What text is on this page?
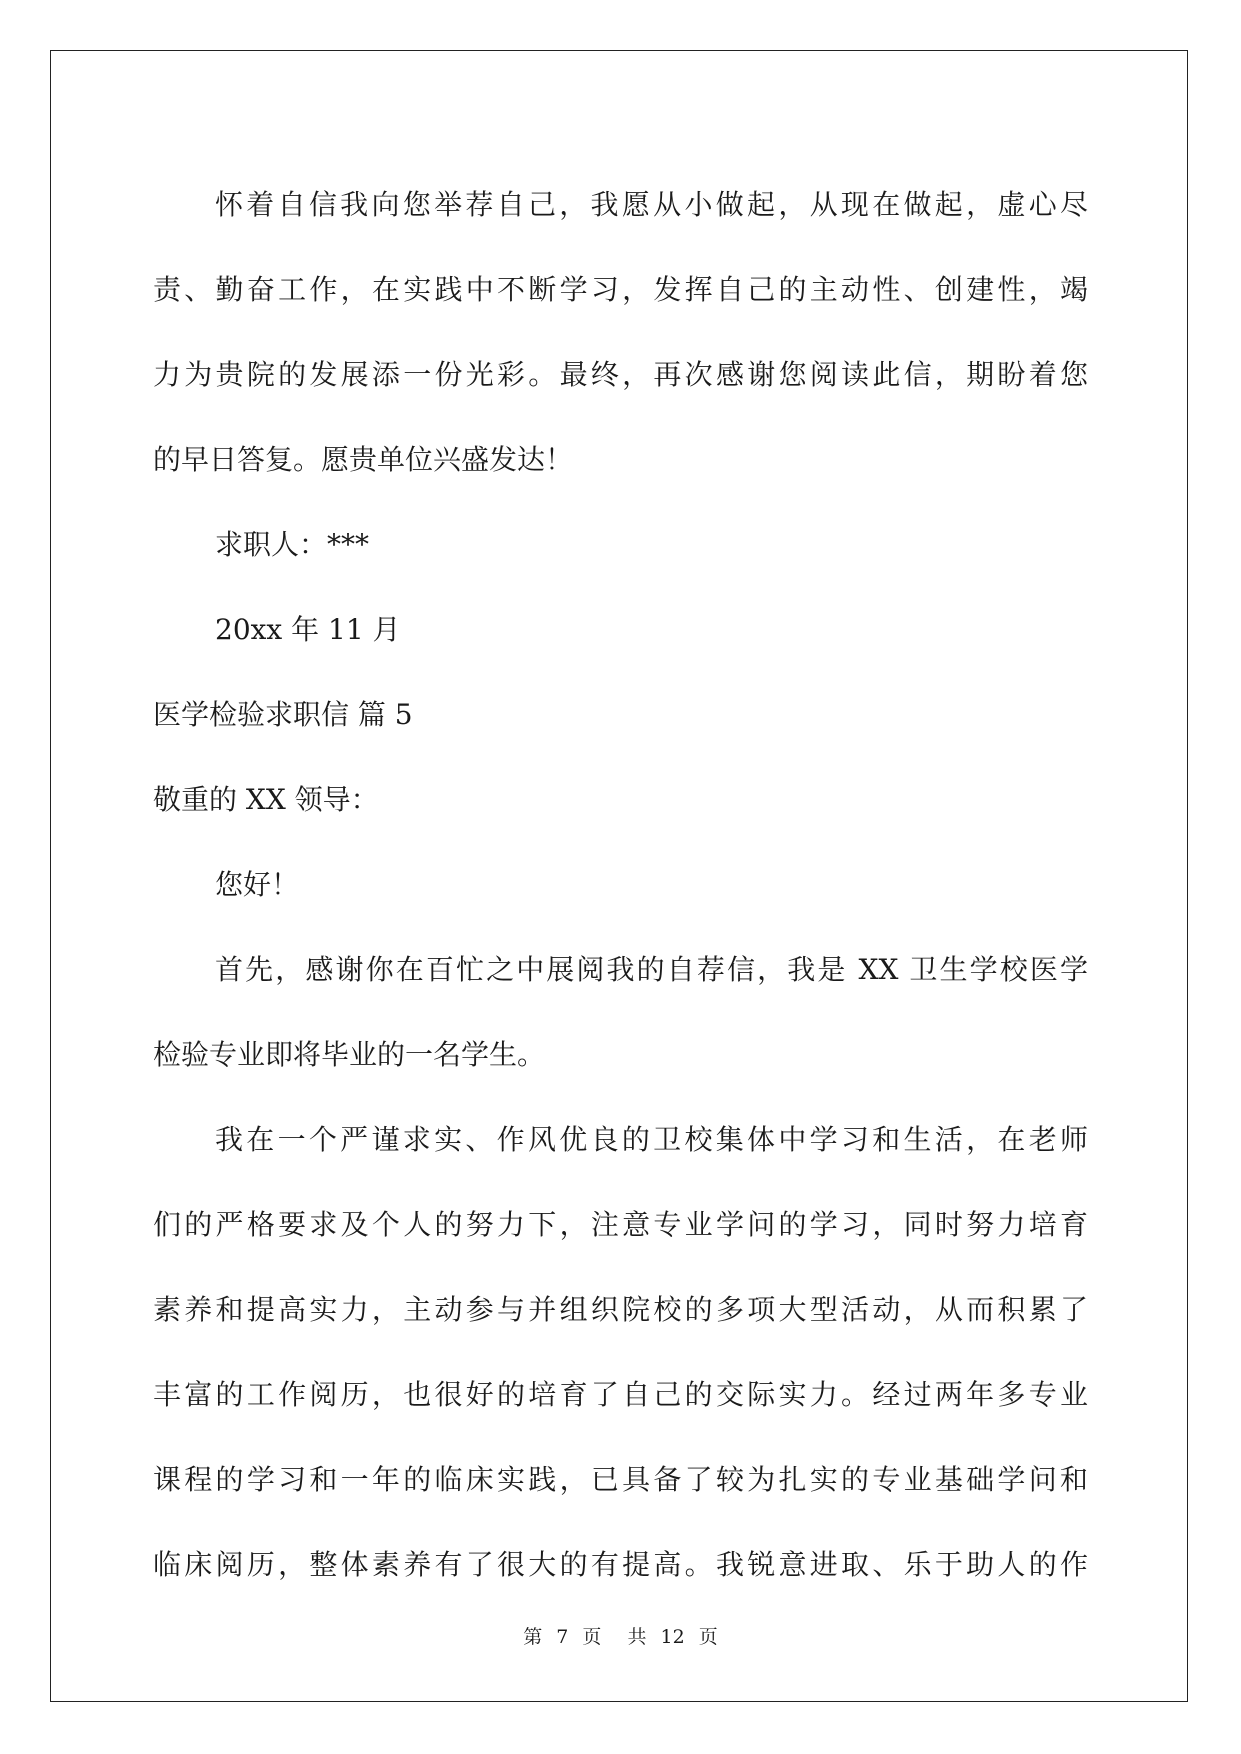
怀着自信我向您举荐自己，我愿从小做起，从现在做起，虚心尽
责、勤奋工作，在实践中不断学习，发挥自己的主动性、创建性，竭
力为贵院的发展添一份光彩。最终，再次感谢您阅读此信，期盼着您
的早日答复。愿贵单位兴盛发达！
求职人：***
20xx 年 11 月
医学检验求职信 篇 5
敬重的 XX 领导：
您好！
首先，感谢你在百忙之中展阅我的自荐信，我是 XX 卫生学校医学
检验专业即将毕业的一名学生。
我在一个严谨求实、作风优良的卫校集体中学习和生活，在老师
们的严格要求及个人的努力下，注意专业学问的学习，同时努力培育
素养和提高实力，主动参与并组织院校的多项大型活动，从而积累了
丰富的工作阅历，也很好的培育了自己的交际实力。经过两年多专业
课程的学习和一年的临床实践，已具备了较为扎实的专业基础学问和
临床阅历，整体素养有了很大的有提高。我锐意进取、乐于助人的作
第 7 页 共 12 页
